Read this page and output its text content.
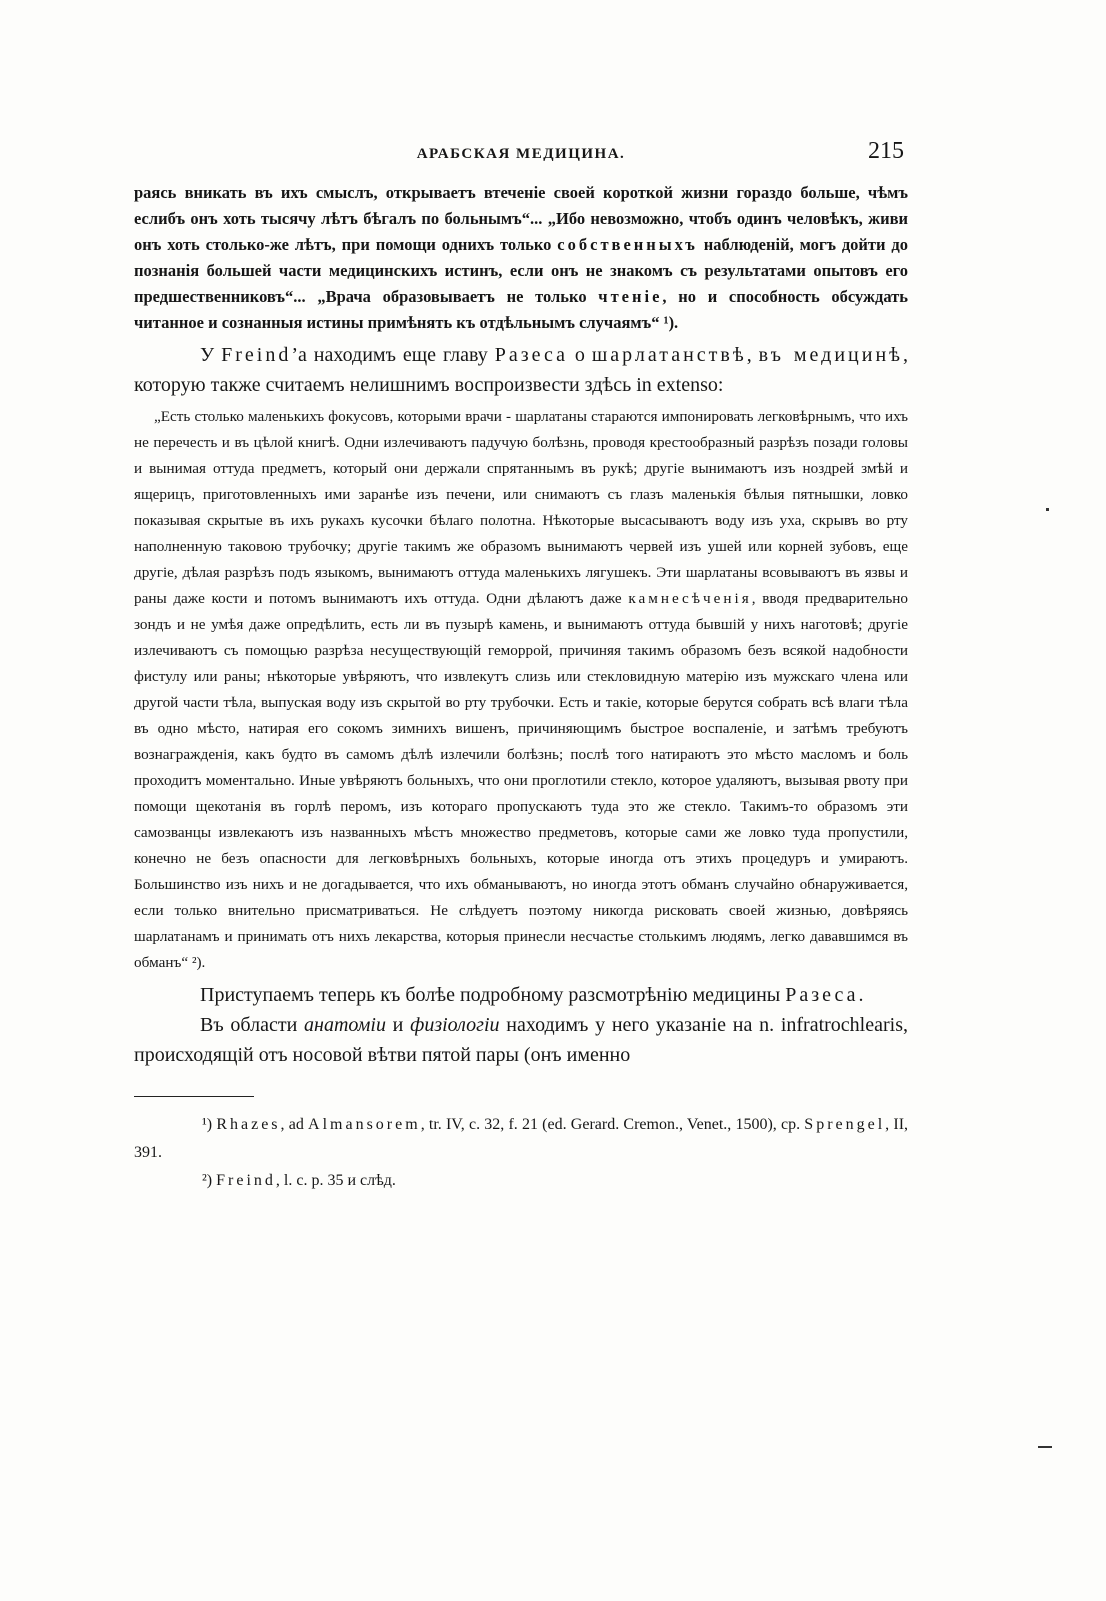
АРАБСКАЯ МЕДИЦИНА.	215

раясь вникать въ ихъ смыслъ, открываетъ втеченіе своей короткой жизни гораздо больше, чѣмъ еслибъ онъ хоть тысячу лѣтъ бѣгалъ по больнымъ“... „Ибо невозможно, чтобъ одинъ человѣкъ, живи онъ хоть столько-же лѣтъ, при помощи однихъ только собственныхъ наблюденій, могъ дойти до познанія большей части медицинскихъ истинъ, если онъ не знакомъ съ результатами опытовъ его предшественниковъ“... „Врача образовываетъ не только чтеніе, но и способность обсуждать читанное и сознанныя истины примѣнять къ отдѣльнымъ случаямъ“ ¹).

У Freind’а находимъ еще главу Разеса о шарлатанствѣ, въ медицинѣ, которую также считаемъ нелишнимъ воспроизвести здѣсь in extenso:

„Есть столько маленькихъ фокусовъ, которыми врачи - шарлатаны стараются импонировать легковѣрнымъ, что ихъ не перечесть и въ цѣлой книгѣ. Одни излечиваютъ падучую болѣзнь, проводя крестообразный разрѣзъ позади головы и вынимая оттуда предметъ, который они держали спрятаннымъ въ рукѣ; другіе вынимаютъ изъ ноздрей змѣй и ящерицъ, приготовленныхъ ими заранѣе изъ печени, или снимаютъ съ глазъ маленькія бѣлыя пятнышки, ловко показывая скрытые въ ихъ рукахъ кусочки бѣлаго полотна. Нѣкоторые высасываютъ воду изъ уха, скрывъ во рту наполненную таковою трубочку; другіе такимъ же образомъ вынимаютъ червей изъ ушей или корней зубовъ, еще другіе, дѣлая разрѣзъ подъ языкомъ, вынимаютъ оттуда маленькихъ лягушекъ. Эти шарлатаны всовываютъ въ язвы и раны даже кости и потомъ вынимаютъ ихъ оттуда. Одни дѣлаютъ даже камнесѣченія, вводя предварительно зондъ и не умѣя даже опредѣлить, есть ли въ пузырѣ камень, и вынимаютъ оттуда бывшій у нихъ наготовѣ; другіе излечиваютъ съ помощью разрѣза несуществующій геморрой, причиняя такимъ образомъ безъ всякой надобности фистулу или раны; нѣкоторые увѣряютъ, что извлекутъ слизь или стекловидную матерію изъ мужскаго члена или другой части тѣла, выпуская воду изъ скрытой во рту трубочки. Есть и такіе, которые берутся собрать всѣ влаги тѣла въ одно мѣсто, натирая его сокомъ зимнихъ вишенъ, причиняющимъ быстрое воспаленіе, и затѣмъ требуютъ вознагражденія, какъ будто въ самомъ дѣлѣ излечили болѣзнь; послѣ того натираютъ это мѣсто масломъ и боль проходитъ моментально. Иные увѣряютъ больныхъ, что они проглотили стекло, которое удаляютъ, вызывая рвоту при помощи щекотанія въ горлѣ перомъ, изъ котораго пропускаютъ туда это же стекло. Такимъ-то образомъ эти самозванцы извлекаютъ изъ названныхъ мѣстъ множество предметовъ, которые сами же ловко туда пропустили, конечно не безъ опасности для легковѣрныхъ больныхъ, которые иногда отъ этихъ процедуръ и умираютъ. Большинство изъ нихъ и не догадывается, что ихъ обманываютъ, но иногда этотъ обманъ случайно обнаруживается, если только внительно присматриваться. Не слѣдуетъ поэтому никогда рисковать своей жизнью, довѣряясь шарлатанамъ и принимать отъ нихъ лекарства, которыя принесли несчастье столькимъ людямъ, легко дававшимся въ обманъ“ ²).

Приступаемъ теперь къ болѣе подробному разсмотрѣнію медицины Разеса.

Въ области анатоміи и физіологіи находимъ у него указаніе на n. infratrochlearis, происходящій отъ носовой вѣтви пятой пары (онъ именно

¹) Rhazes, ad Almansorem, tr. IV, c. 32, f. 21 (ed. Gerard. Cremon., Venet., 1500), cp. Sprengel, II, 391.

²) Freind, l. c. p. 35 и слѣд.
